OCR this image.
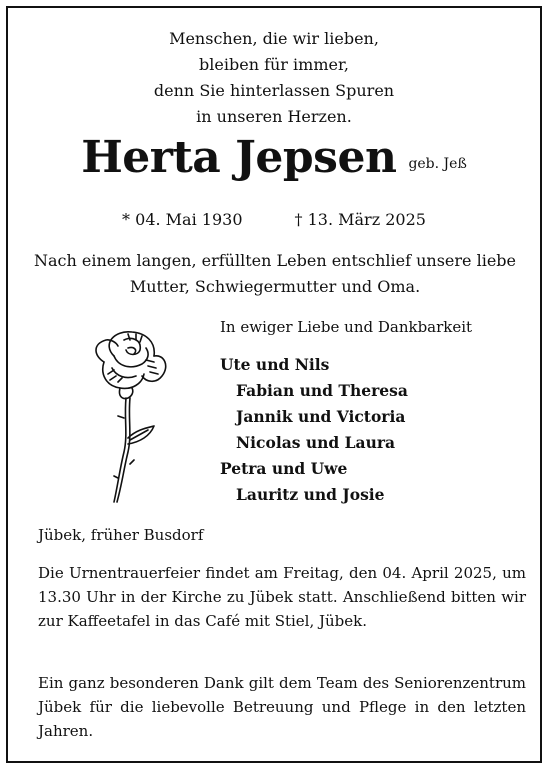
Menschen, die wir lieben,
bleiben für immer,
denn Sie hinterlassen Spuren
in unseren Herzen.
Herta Jepsen geb. Jeß
* 04. Mai 1930	† 13. März 2025
Nach einem langen, erfüllten Leben entschlief unsere liebe Mutter, Schwiegermutter und Oma.
In ewiger Liebe und Dankbarkeit
Ute und Nils
Fabian und Theresa
Jannik und Victoria
Nicolas und Laura
Petra und Uwe
Lauritz und Josie
Jübek, früher Busdorf
Die Urnentrauerfeier findet am Freitag, den 04. April 2025, um 13.30 Uhr in der Kirche zu Jübek statt. Anschließend bitten wir zur Kaffeetafel in das Café mit Stiel, Jübek.
Ein ganz besonderen Dank gilt dem Team des Seniorenzentrum Jübek für die liebevolle Betreuung und Pflege in den letzten Jahren.
